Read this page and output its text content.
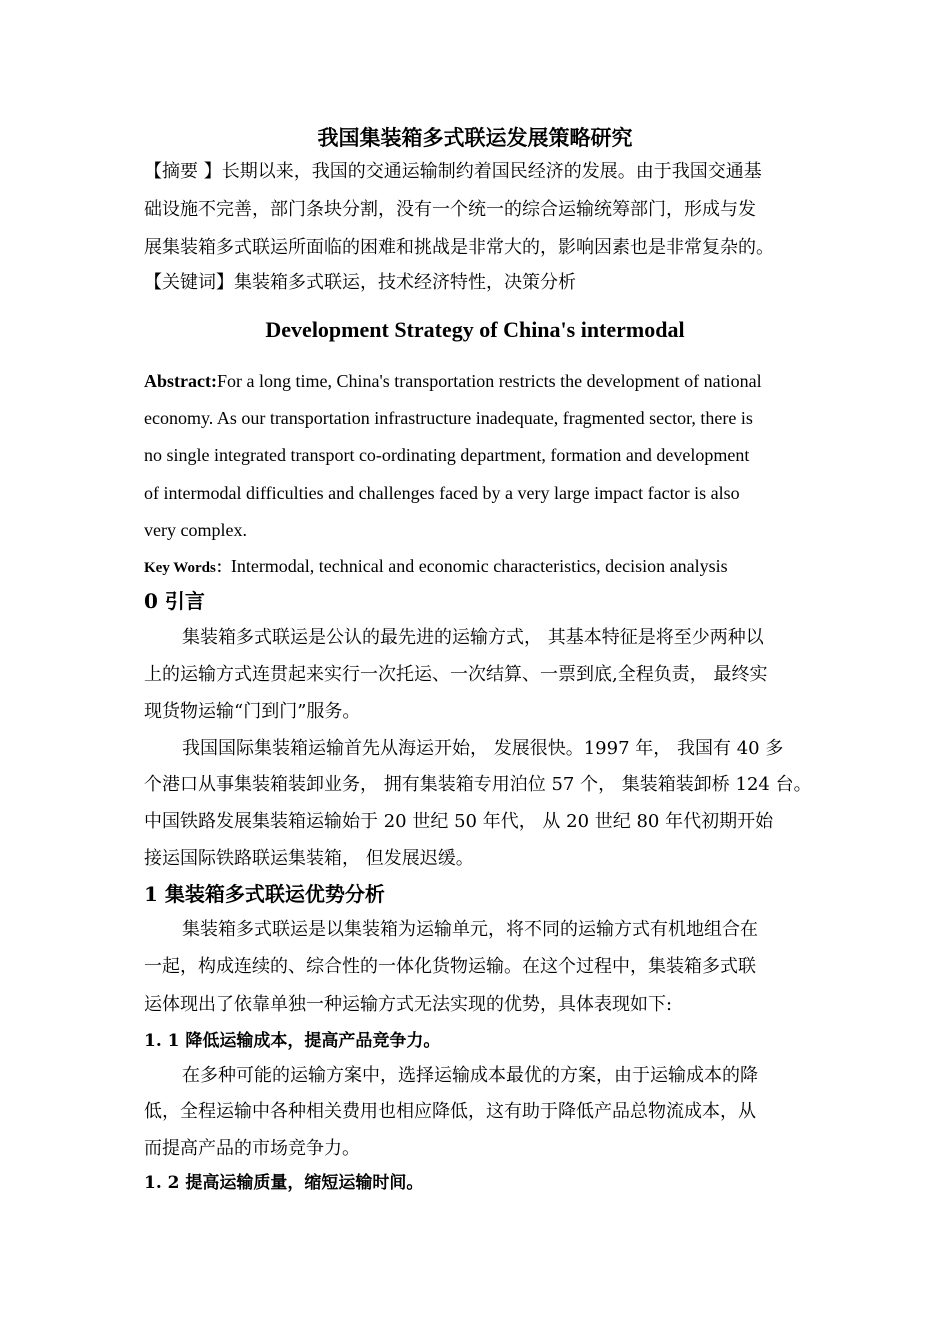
我国集装箱多式联运发展策略研究
【摘要 】长期以来，我国的交通运输制约着国民经济的发展。由于我国交通基
础设施不完善，部门条块分割，没有一个统一的综合运输统筹部门，形成与发
展集装箱多式联运所面临的困难和挑战是非常大的，影响因素也是非常复杂的。
【关键词】集装箱多式联运，技术经济特性，决策分析
Development Strategy of China's intermodal
Abstract:For a long time, China's transportation restricts the development of national
economy. As our transportation infrastructure inadequate, fragmented sector, there is
no single integrated transport co-ordinating department, formation and development
of intermodal difficulties and challenges faced by a very large impact factor is also
very complex.
Key Words：Intermodal, technical and economic characteristics, decision analysis
0 引言
集装箱多式联运是公认的最先进的运输方式， 其基本特征是将至少两种以
上的运输方式连贯起来实行一次托运、一次结算、一票到底,全程负责， 最终实
现货物运输“门到门”服务。
我国国际集装箱运输首先从海运开始， 发展很快。1997 年， 我国有 40 多
个港口从事集装箱装卸业务， 拥有集装箱专用泊位 57 个， 集装箱装卸桥 124 台。
中国铁路发展集装箱运输始于 20 世纪 50 年代， 从 20 世纪 80 年代初期开始
接运国际铁路联运集装箱， 但发展迟缓。
1 集装箱多式联运优势分析
集装箱多式联运是以集装箱为运输单元，将不同的运输方式有机地组合在
一起，构成连续的、综合性的一体化货物运输。在这个过程中，集装箱多式联
运体现出了依靠单独一种运输方式无法实现的优势，具体表现如下:
1. 1 降低运输成本，提高产品竞争力。
在多种可能的运输方案中，选择运输成本最优的方案，由于运输成本的降
低，全程运输中各种相关费用也相应降低，这有助于降低产品总物流成本，从
而提高产品的市场竞争力。
1. 2 提高运输质量，缩短运输时间。
